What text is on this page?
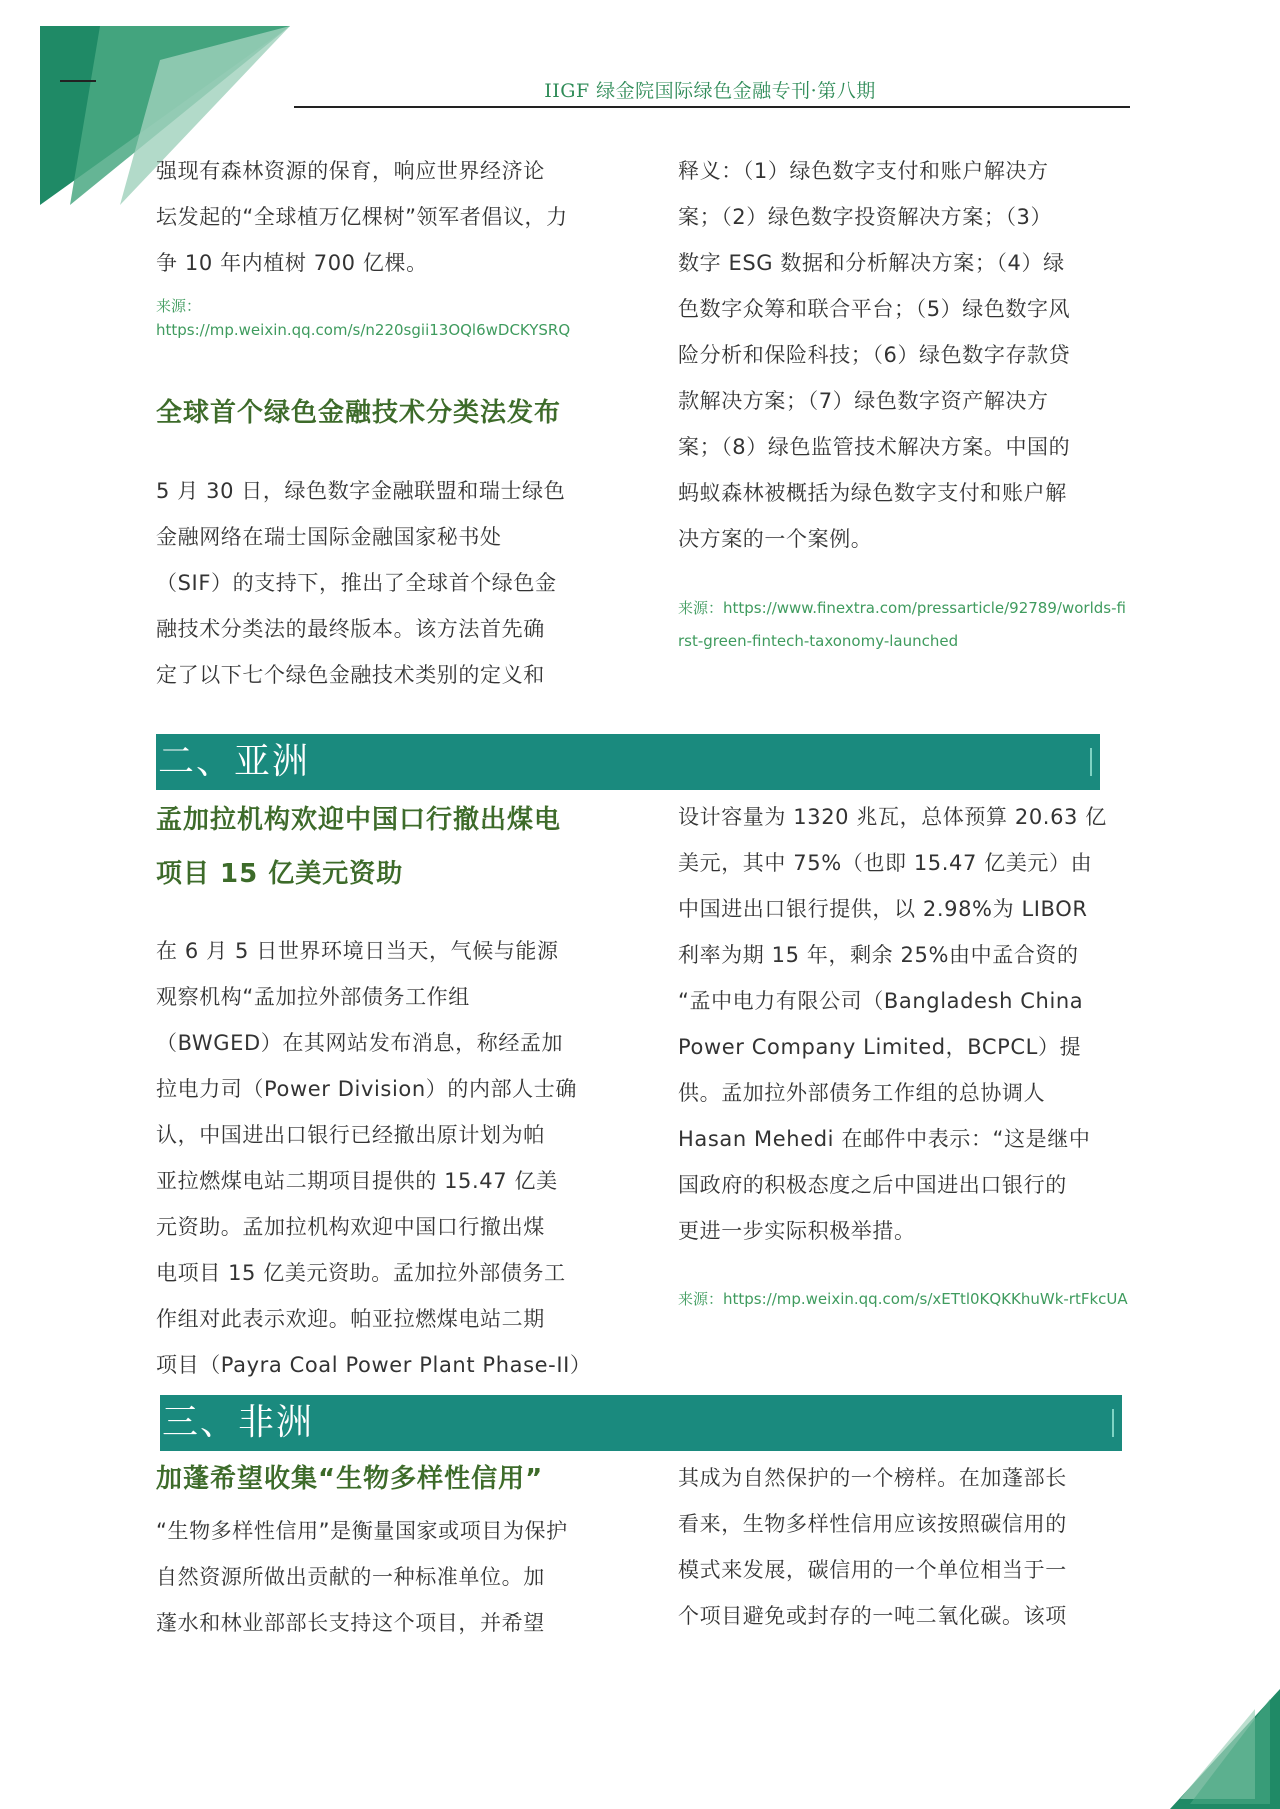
IIGF 绿金院国际绿色金融专刊·第八期

强现有森林资源的保育，响应世界经济论

坛发起的“全球植万亿棵树”领军者倡议，力

争 10 年内植树 700 亿棵。

来源：

https://mp.weixin.qq.com/s/n220sgii13OQl6wDCKYSRQ

全球首个绿色金融技术分类法发布

5 月 30 日，绿色数字金融联盟和瑞士绿色

金融网络在瑞士国际金融国家秘书处

（SIF）的支持下，推出了全球首个绿色金

融技术分类法的最终版本。该方法首先确

定了以下七个绿色金融技术类别的定义和

释义：（1）绿色数字支付和账户解决方

案；（2）绿色数字投资解决方案；（3）

数字 ESG 数据和分析解决方案；（4）绿

色数字众筹和联合平台；（5）绿色数字风

险分析和保险科技；（6）绿色数字存款贷

款解决方案；（7）绿色数字资产解决方

案；（8）绿色监管技术解决方案。中国的

蚂蚁森林被概括为绿色数字支付和账户解

决方案的一个案例。

来源：https://www.finextra.com/pressarticle/92789/worlds-first-green-fintech-taxonomy-launched

二、亚洲

孟加拉机构欢迎中国口行撤出煤电

项目 15 亿美元资助

在 6 月 5 日世界环境日当天，气候与能源

观察机构“孟加拉外部债务工作组

（BWGED）在其网站发布消息，称经孟加

拉电力司（Power Division）的内部人士确

认，中国进出口银行已经撤出原计划为帕

亚拉燃煤电站二期项目提供的 15.47 亿美

元资助。孟加拉机构欢迎中国口行撤出煤

电项目 15 亿美元资助。孟加拉外部债务工

作组对此表示欢迎。帕亚拉燃煤电站二期

项目（Payra Coal Power Plant Phase-II）

设计容量为 1320 兆瓦，总体预算 20.63 亿

美元，其中 75%（也即 15.47 亿美元）由

中国进出口银行提供，以 2.98%为 LIBOR

利率为期 15 年，剩余 25%由中孟合资的

“孟中电力有限公司（Bangladesh China

Power Company Limited，BCPCL）提

供。孟加拉外部债务工作组的总协调人

Hasan Mehedi 在邮件中表示：“这是继中

国政府的积极态度之后中国进出口银行的

更进一步实际积极举措。

来源：https://mp.weixin.qq.com/s/xETtl0KQKKhuWk-rtFkcUA

三、非洲

加蓬希望收集“生物多样性信用”

“生物多样性信用”是衡量国家或项目为保护

自然资源所做出贡献的一种标准单位。加

蓬水和林业部部长支持这个项目，并希望

其成为自然保护的一个榜样。在加蓬部长

看来，生物多样性信用应该按照碳信用的

模式来发展，碳信用的一个单位相当于一

个项目避免或封存的一吨二氧化碳。该项
